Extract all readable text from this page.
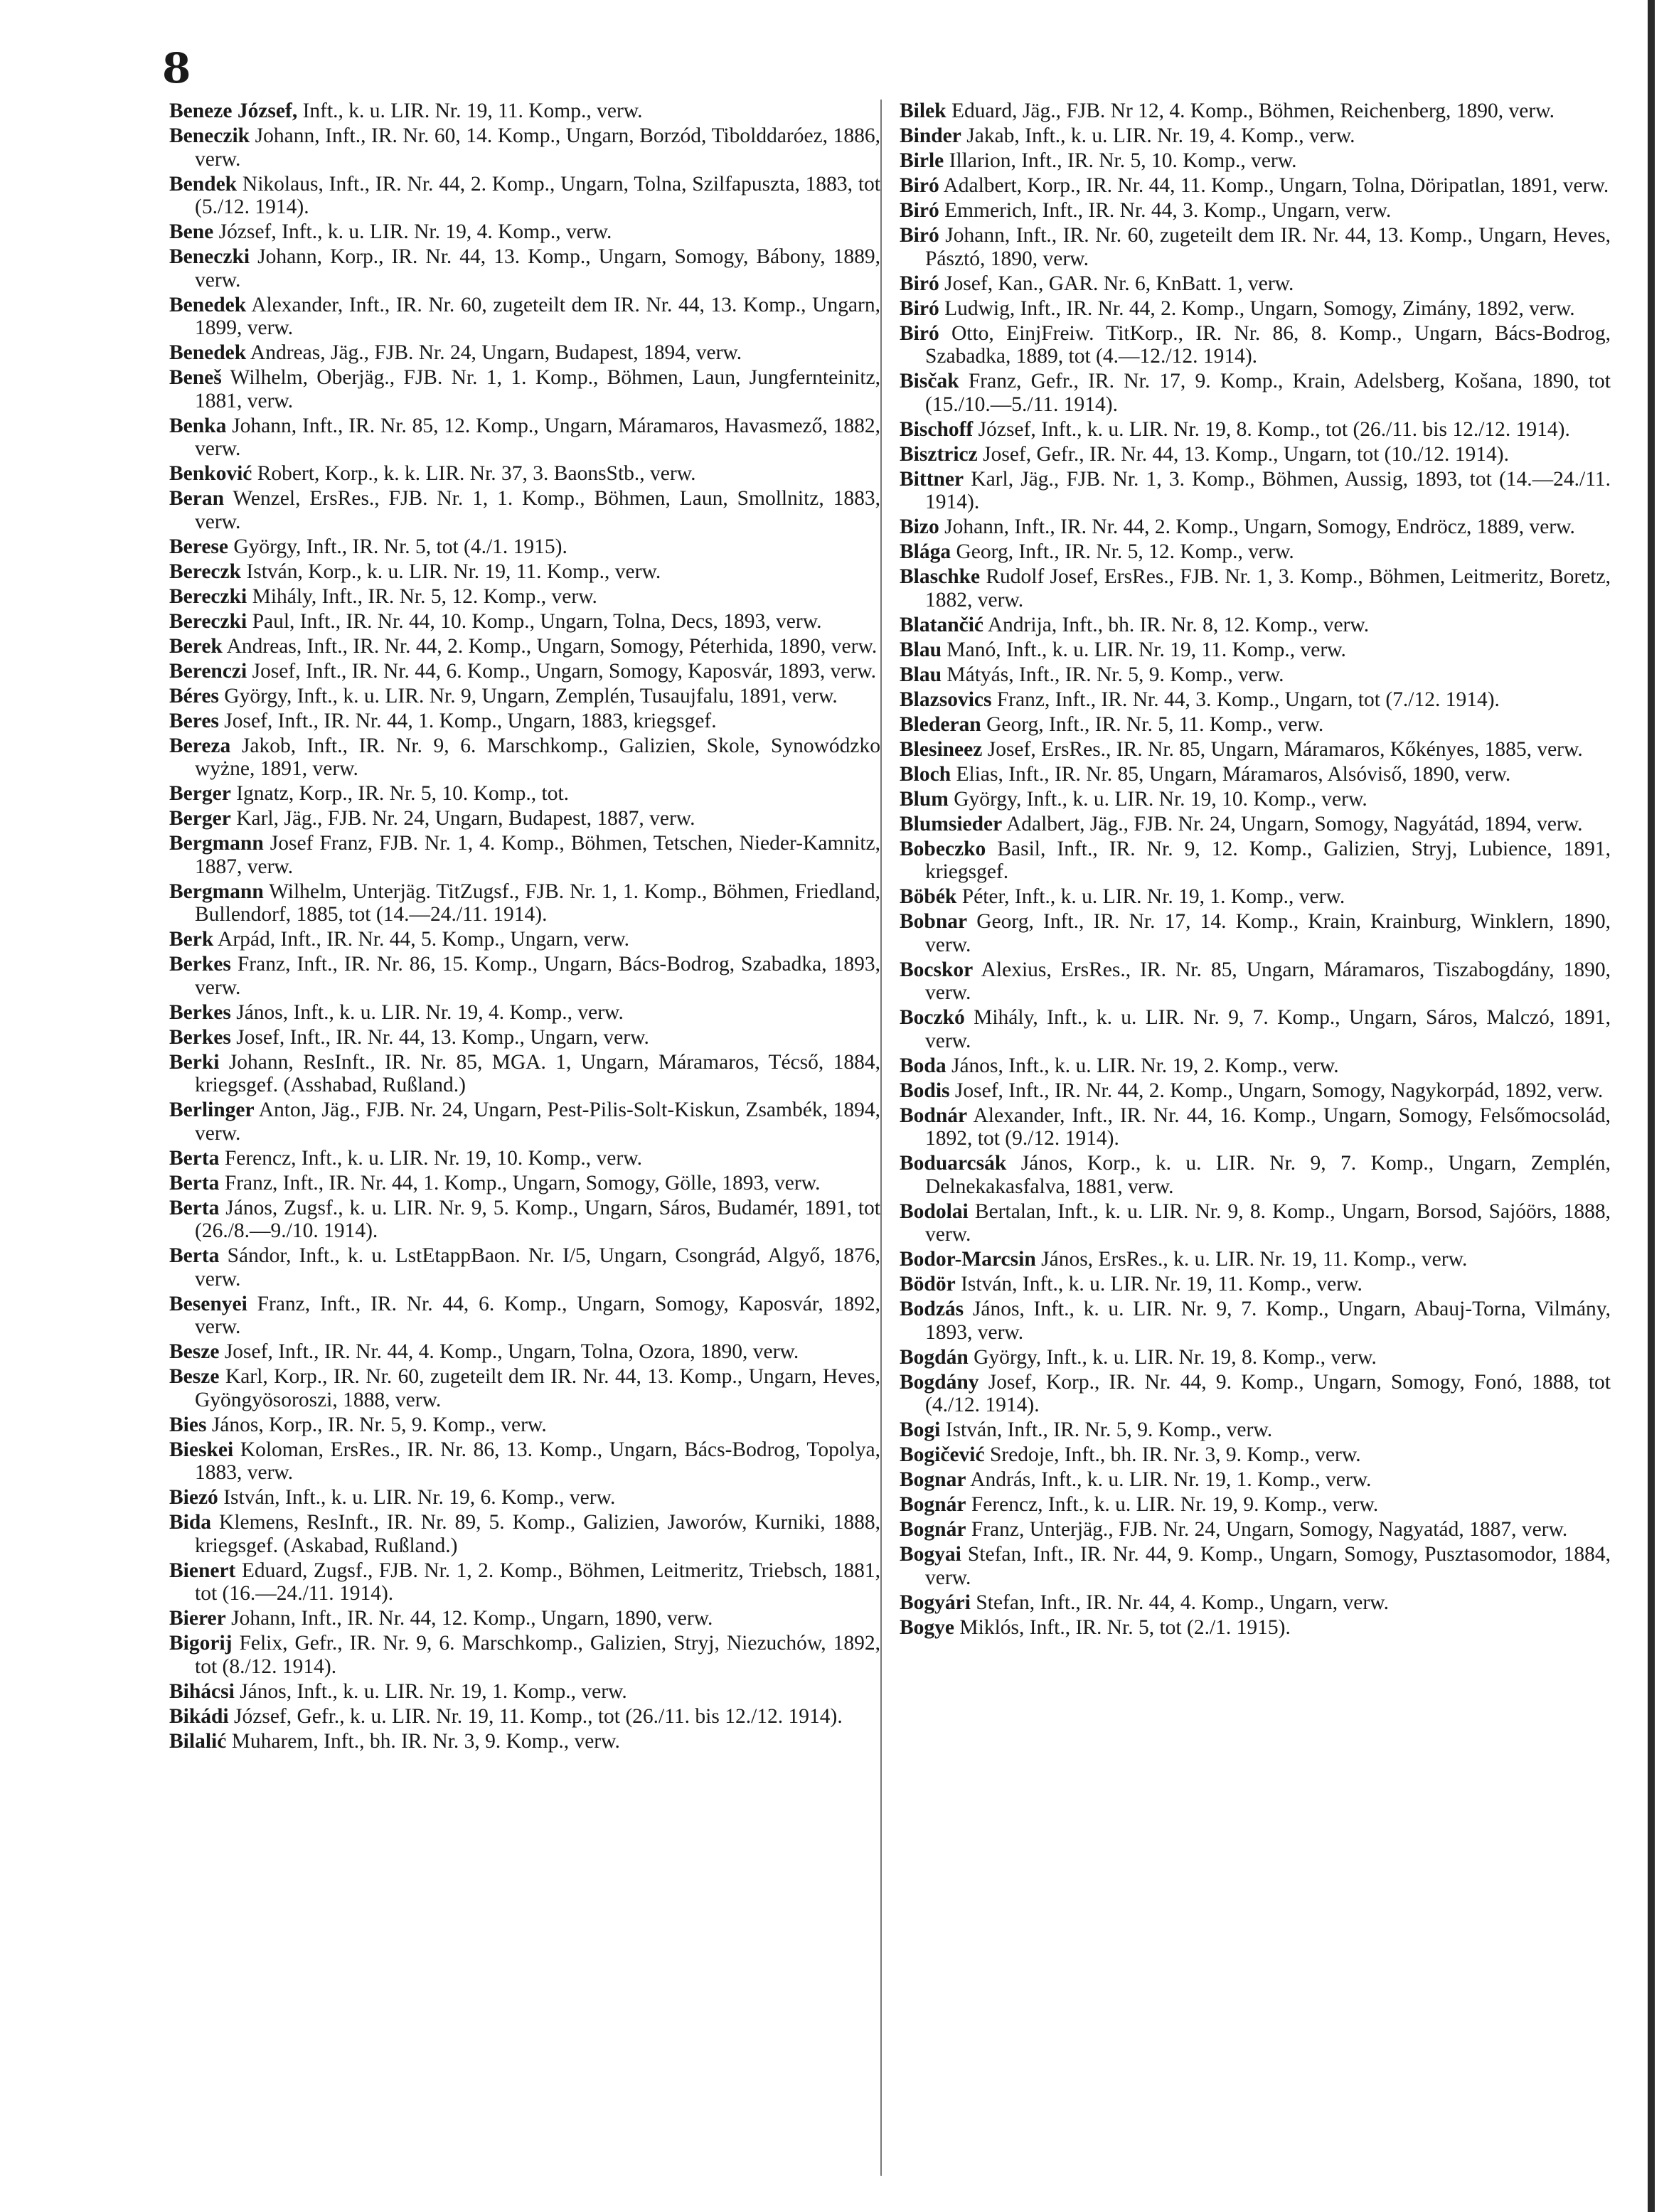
8

Beneze József, Inft., k. u. LIR. Nr. 19, 11. Komp., verw.

Beneczik Johann, Inft., IR. Nr. 60, 14. Komp., Ungarn, Borzód, Tibolddaróez, 1886, verw.

Bendek Nikolaus, Inft., IR. Nr. 44, 2. Komp., Ungarn, Tolna, Szilfapuszta, 1883, tot (5./12. 1914).

Bene József, Inft., k. u. LIR. Nr. 19, 4. Komp., verw.

Beneczki Johann, Korp., IR. Nr. 44, 13. Komp., Ungarn, Somogy, Bábony, 1889, verw.

Benedek Alexander, Inft., IR. Nr. 60, zugeteilt dem IR. Nr. 44, 13. Komp., Ungarn, 1899, verw.

Benedek Andreas, Jäg., FJB. Nr. 24, Ungarn, Budapest, 1894, verw.

Beneš Wilhelm, Oberjäg., FJB. Nr. 1, 1. Komp., Böhmen, Laun, Jungfernteinitz, 1881, verw.

Benka Johann, Inft., IR. Nr. 85, 12. Komp., Ungarn, Máramaros, Havasmező, 1882, verw.

Benković Robert, Korp., k. k. LIR. Nr. 37, 3. BaonsStb., verw.

Beran Wenzel, ErsRes., FJB. Nr. 1, 1. Komp., Böhmen, Laun, Smollnitz, 1883, verw.

Berese György, Inft., IR. Nr. 5, tot (4./1. 1915).

Bereczk István, Korp., k. u. LIR. Nr. 19, 11. Komp., verw.

Bereczki Mihály, Inft., IR. Nr. 5, 12. Komp., verw.

Bereczki Paul, Inft., IR. Nr. 44, 10. Komp., Ungarn, Tolna, Decs, 1893, verw.

Berek Andreas, Inft., IR. Nr. 44, 2. Komp., Ungarn, Somogy, Péterhida, 1890, verw.

Berenczi Josef, Inft., IR. Nr. 44, 6. Komp., Ungarn, Somogy, Kaposvár, 1893, verw.

Béres György, Inft., k. u. LIR. Nr. 9, Ungarn, Zemplén, Tusaujfalu, 1891, verw.

Beres Josef, Inft., IR. Nr. 44, 1. Komp., Ungarn, 1883, kriegsgef.

Bereza Jakob, Inft., IR. Nr. 9, 6. Marschkomp., Galizien, Skole, Synowódzko wyżne, 1891, verw.

Berger Ignatz, Korp., IR. Nr. 5, 10. Komp., tot.

Berger Karl, Jäg., FJB. Nr. 24, Ungarn, Budapest, 1887, verw.

Bergmann Josef Franz, FJB. Nr. 1, 4. Komp., Böhmen, Tetschen, Nieder-Kamnitz, 1887, verw.

Bergmann Wilhelm, Unterjäg. TitZugsf., FJB. Nr. 1, 1. Komp., Böhmen, Friedland, Bullendorf, 1885, tot (14.—24./11. 1914).

Berk Arpád, Inft., IR. Nr. 44, 5. Komp., Ungarn, verw.

Berkes Franz, Inft., IR. Nr. 86, 15. Komp., Ungarn, Bács-Bodrog, Szabadka, 1893, verw.

Berkes János, Inft., k. u. LIR. Nr. 19, 4. Komp., verw.

Berkes Josef, Inft., IR. Nr. 44, 13. Komp., Ungarn, verw.

Berki Johann, ResInft., IR. Nr. 85, MGA. 1, Ungarn, Máramaros, Técső, 1884, kriegsgef. (Asshabad, Rußland.)

Berlinger Anton, Jäg., FJB. Nr. 24, Ungarn, Pest-Pilis-Solt-Kiskun, Zsambék, 1894, verw.

Berta Ferencz, Inft., k. u. LIR. Nr. 19, 10. Komp., verw.

Berta Franz, Inft., IR. Nr. 44, 1. Komp., Ungarn, Somogy, Gölle, 1893, verw.

Berta János, Zugsf., k. u. LIR. Nr. 9, 5. Komp., Ungarn, Sáros, Budamér, 1891, tot (26./8.—9./10. 1914).

Berta Sándor, Inft., k. u. LstEtappBaon. Nr. I/5, Ungarn, Csongrád, Algyő, 1876, verw.

Besenyei Franz, Inft., IR. Nr. 44, 6. Komp., Ungarn, Somogy, Kaposvár, 1892, verw.

Besze Josef, Inft., IR. Nr. 44, 4. Komp., Ungarn, Tolna, Ozora, 1890, verw.

Besze Karl, Korp., IR. Nr. 60, zugeteilt dem IR. Nr. 44, 13. Komp., Ungarn, Heves, Gyöngyösoroszi, 1888, verw.

Bies János, Korp., IR. Nr. 5, 9. Komp., verw.

Bieskei Koloman, ErsRes., IR. Nr. 86, 13. Komp., Ungarn, Bács-Bodrog, Topolya, 1883, verw.

Biezó István, Inft., k. u. LIR. Nr. 19, 6. Komp., verw.

Bida Klemens, ResInft., IR. Nr. 89, 5. Komp., Galizien, Jaworów, Kurniki, 1888, kriegsgef. (Askabad, Rußland.)

Bienert Eduard, Zugsf., FJB. Nr. 1, 2. Komp., Böhmen, Leitmeritz, Triebsch, 1881, tot (16.—24./11. 1914).

Bierer Johann, Inft., IR. Nr. 44, 12. Komp., Ungarn, 1890, verw.

Bigorij Felix, Gefr., IR. Nr. 9, 6. Marschkomp., Galizien, Stryj, Niezuchów, 1892, tot (8./12. 1914).

Bihácsi János, Inft., k. u. LIR. Nr. 19, 1. Komp., verw.

Bikádi József, Gefr., k. u. LIR. Nr. 19, 11. Komp., tot (26./11. bis 12./12. 1914).

Bilalić Muharem, Inft., bh. IR. Nr. 3, 9. Komp., verw.

Bilek Eduard, Jäg., FJB. Nr 12, 4. Komp., Böhmen, Reichenberg, 1890, verw.

Binder Jakab, Inft., k. u. LIR. Nr. 19, 4. Komp., verw.

Birle Illarion, Inft., IR. Nr. 5, 10. Komp., verw.

Biró Adalbert, Korp., IR. Nr. 44, 11. Komp., Ungarn, Tolna, Döripatlan, 1891, verw.

Biró Emmerich, Inft., IR. Nr. 44, 3. Komp., Ungarn, verw.

Biró Johann, Inft., IR. Nr. 60, zugeteilt dem IR. Nr. 44, 13. Komp., Ungarn, Heves, Pásztó, 1890, verw.

Biró Josef, Kan., GAR. Nr. 6, KnBatt. 1, verw.

Biró Ludwig, Inft., IR. Nr. 44, 2. Komp., Ungarn, Somogy, Zimány, 1892, verw.

Biró Otto, EinjFreiw. TitKorp., IR. Nr. 86, 8. Komp., Ungarn, Bács-Bodrog, Szabadka, 1889, tot (4.—12./12. 1914).

Bisčak Franz, Gefr., IR. Nr. 17, 9. Komp., Krain, Adelsberg, Košana, 1890, tot (15./10.—5./11. 1914).

Bischoff József, Inft., k. u. LIR. Nr. 19, 8. Komp., tot (26./11. bis 12./12. 1914).

Bisztricz Josef, Gefr., IR. Nr. 44, 13. Komp., Ungarn, tot (10./12. 1914).

Bittner Karl, Jäg., FJB. Nr. 1, 3. Komp., Böhmen, Aussig, 1893, tot (14.—24./11. 1914).

Bizo Johann, Inft., IR. Nr. 44, 2. Komp., Ungarn, Somogy, Endröcz, 1889, verw.

Blága Georg, Inft., IR. Nr. 5, 12. Komp., verw.

Blaschke Rudolf Josef, ErsRes., FJB. Nr. 1, 3. Komp., Böhmen, Leitmeritz, Boretz, 1882, verw.

Blatančić Andrija, Inft., bh. IR. Nr. 8, 12. Komp., verw.

Blau Manó, Inft., k. u. LIR. Nr. 19, 11. Komp., verw.

Blau Mátyás, Inft., IR. Nr. 5, 9. Komp., verw.

Blazsovics Franz, Inft., IR. Nr. 44, 3. Komp., Ungarn, tot (7./12. 1914).

Blederan Georg, Inft., IR. Nr. 5, 11. Komp., verw.

Blesineez Josef, ErsRes., IR. Nr. 85, Ungarn, Máramaros, Kőkényes, 1885, verw.

Bloch Elias, Inft., IR. Nr. 85, Ungarn, Máramaros, Alsóviső, 1890, verw.

Blum György, Inft., k. u. LIR. Nr. 19, 10. Komp., verw.

Blumsieder Adalbert, Jäg., FJB. Nr. 24, Ungarn, Somogy, Nagyátád, 1894, verw.

Bobeczko Basil, Inft., IR. Nr. 9, 12. Komp., Galizien, Stryj, Lubience, 1891, kriegsgef.

Böbék Péter, Inft., k. u. LIR. Nr. 19, 1. Komp., verw.

Bobnar Georg, Inft., IR. Nr. 17, 14. Komp., Krain, Krainburg, Winklern, 1890, verw.

Bocskor Alexius, ErsRes., IR. Nr. 85, Ungarn, Máramaros, Tiszabogdány, 1890, verw.

Boczkó Mihály, Inft., k. u. LIR. Nr. 9, 7. Komp., Ungarn, Sáros, Malczó, 1891, verw.

Boda János, Inft., k. u. LIR. Nr. 19, 2. Komp., verw.

Bodis Josef, Inft., IR. Nr. 44, 2. Komp., Ungarn, Somogy, Nagykorpád, 1892, verw.

Bodnár Alexander, Inft., IR. Nr. 44, 16. Komp., Ungarn, Somogy, Felsőmocsolád, 1892, tot (9./12. 1914).

Boduarcsák János, Korp., k. u. LIR. Nr. 9, 7. Komp., Ungarn, Zemplén, Delnekakasfalva, 1881, verw.

Bodolai Bertalan, Inft., k. u. LIR. Nr. 9, 8. Komp., Ungarn, Borsod, Sajóörs, 1888, verw.

Bodor-Marcsin János, ErsRes., k. u. LIR. Nr. 19, 11. Komp., verw.

Bödör István, Inft., k. u. LIR. Nr. 19, 11. Komp., verw.

Bodzás János, Inft., k. u. LIR. Nr. 9, 7. Komp., Ungarn, Abauj-Torna, Vilmány, 1893, verw.

Bogdán György, Inft., k. u. LIR. Nr. 19, 8. Komp., verw.

Bogdány Josef, Korp., IR. Nr. 44, 9. Komp., Ungarn, Somogy, Fonó, 1888, tot (4./12. 1914).

Bogi István, Inft., IR. Nr. 5, 9. Komp., verw.

Bogičević Sredoje, Inft., bh. IR. Nr. 3, 9. Komp., verw.

Bognar András, Inft., k. u. LIR. Nr. 19, 1. Komp., verw.

Bognár Ferencz, Inft., k. u. LIR. Nr. 19, 9. Komp., verw.

Bognár Franz, Unterjäg., FJB. Nr. 24, Ungarn, Somogy, Nagyatád, 1887, verw.

Bogyai Stefan, Inft., IR. Nr. 44, 9. Komp., Ungarn, Somogy, Pusztasomodor, 1884, verw.

Bogyári Stefan, Inft., IR. Nr. 44, 4. Komp., Ungarn, verw.

Bogye Miklós, Inft., IR. Nr. 5, tot (2./1. 1915).
